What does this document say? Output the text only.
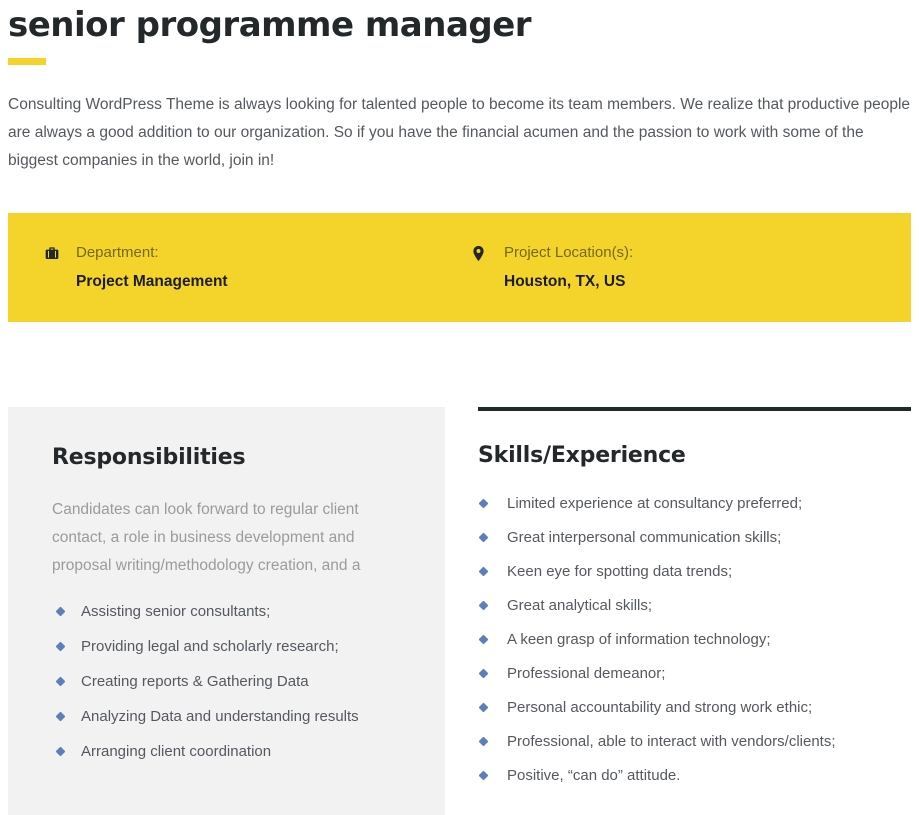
senior programme manager

Consulting WordPress Theme is always looking for talented people to become its team members. We realize that productive people are always a good addition to our organization. So if you have the financial acumen and the passion to work with some of the biggest companies in the world, join in!

Department:
Project Management
Project Location(s):
Houston, TX, US
Responsibilities

Candidates can look forward to regular client contact, a role in business development and proposal writing/methodology creation, and a

Assisting senior consultants;
Providing legal and scholarly research;
Creating reports & Gathering Data
Analyzing Data and understanding results
Arranging client coordination
Skills/Experience
Limited experience at consultancy preferred;
Great interpersonal communication skills;
Keen eye for spotting data trends;
Great analytical skills;
A keen grasp of information technology;
Professional demeanor;
Personal accountability and strong work ethic;
Professional, able to interact with vendors/clients;
Positive, “can do” attitude.
